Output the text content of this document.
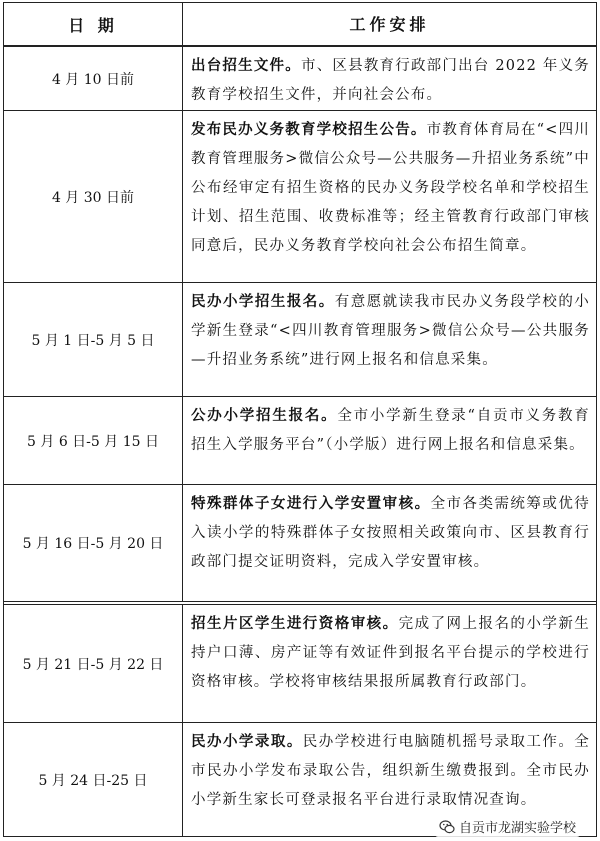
日 期	工作安排
4 月 10 日前
出台招生文件。市、区县教育行政部门出台 2022 年义务教育学校招生文件，并向社会公布。
4 月 30 日前
发布民办义务教育学校招生公告。市教育体育局在“<四川教育管理服务>微信公众号—公共服务—升招业务系统”中公布经审定有招生资格的民办义务段学校名单和学校招生计划、招生范围、收费标准等；经主管教育行政部门审核同意后，民办义务教育学校向社会公布招生简章。
5 月 1 日-5 月 5 日
民办小学招生报名。有意愿就读我市民办义务段学校的小学新生登录“<四川教育管理服务>微信公众号—公共服务—升招业务系统”进行网上报名和信息采集。
5 月 6 日-5 月 15 日
公办小学招生报名。全市小学新生登录“自贡市义务教育招生入学服务平台”（小学版）进行网上报名和信息采集。
5 月 16 日-5 月 20 日
特殊群体子女进行入学安置审核。全市各类需统筹或优待入读小学的特殊群体子女按照相关政策向市、区县教育行政部门提交证明资料，完成入学安置审核。
5 月 21 日-5 月 22 日
招生片区学生进行资格审核。完成了网上报名的小学新生持户口薄、房产证等有效证件到报名平台提示的学校进行资格审核。学校将审核结果报所属教育行政部门。
5 月 24 日-25 日
民办小学录取。民办学校进行电脑随机摇号录取工作。全市民办小学发布录取公告，组织新生缴费报到。全市民办小学新生家长可登录报名平台进行录取情况查询。
自贡市龙湖实验学校
